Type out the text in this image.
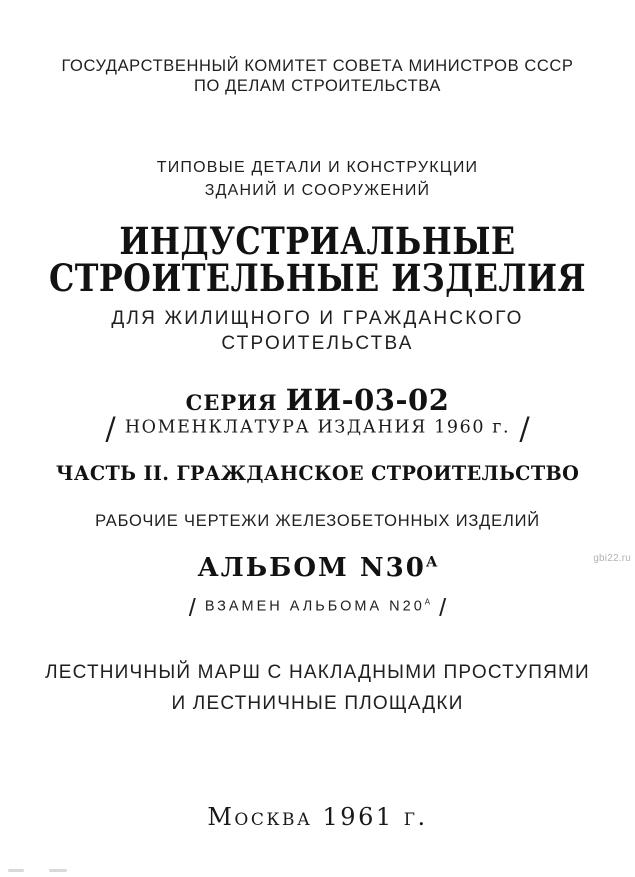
ГОСУДАРСТВЕННЫЙ КОМИТЕТ СОВЕТА МИНИСТРОВ СССР
ПО ДЕЛАМ СТРОИТЕЛЬСТВА
ТИПОВЫЕ ДЕТАЛИ И КОНСТРУКЦИИ
ЗДАНИЙ И СООРУЖЕНИЙ
ИНДУСТРИАЛЬНЫЕ
СТРОИТЕЛЬНЫЕ ИЗДЕЛИЯ
ДЛЯ ЖИЛИЩНОГО И ГРАЖДАНСКОГО
СТРОИТЕЛЬСТВА
СЕРИЯ ИИ-03-02
/ НОМЕНКЛАТУРА ИЗДАНИЯ 1960 г. /
ЧАСТЬ II. ГРАЖДАНСКОЕ СТРОИТЕЛЬСТВО
РАБОЧИЕ ЧЕРТЕЖИ ЖЕЛЕЗОБЕТОННЫХ ИЗДЕЛИЙ
АЛЬБОМ $N30^А$
/ ВЗАМЕН АЛЬБОМА $N20^А$ /
ЛЕСТНИЧНЫЙ МАРШ С НАКЛАДНЫМИ ПРОСТУПЯМИ
И ЛЕСТНИЧНЫЕ ПЛОЩАДКИ
Москва 1961 г.
gbi22.ru
